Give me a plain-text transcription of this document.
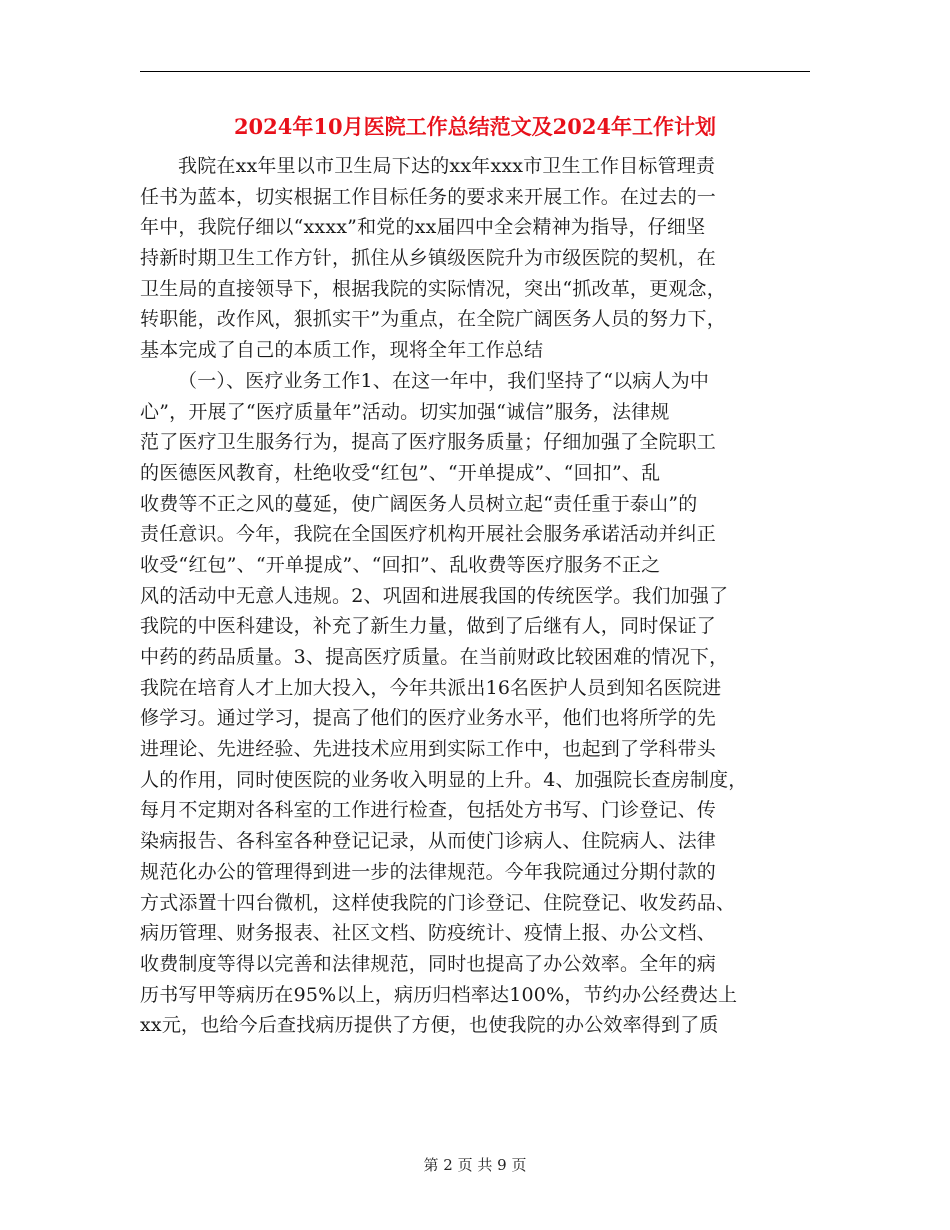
2024年10月医院工作总结范文及2024年工作计划
我院在xx年里以市卫生局下达的xx年xxx市卫生工作目标管理责
任书为蓝本，切实根据工作目标任务的要求来开展工作。在过去的一
年中，我院仔细以“xxxx”和党的xx届四中全会精神为指导，仔细坚
持新时期卫生工作方针，抓住从乡镇级医院升为市级医院的契机，在
卫生局的直接领导下，根据我院的实际情况，突出“抓改革，更观念，
转职能，改作风，狠抓实干”为重点，在全院广阔医务人员的努力下，
基本完成了自己的本质工作，现将全年工作总结
（一）、医疗业务工作1、在这一年中，我们坚持了“以病人为中
心”，开展了“医疗质量年”活动。切实加强“诚信”服务，法律规
范了医疗卫生服务行为，提高了医疗服务质量；仔细加强了全院职工
的医德医风教育，杜绝收受“红包”、“开单提成”、“回扣”、乱
收费等不正之风的蔓延，使广阔医务人员树立起“责任重于泰山”的
责任意识。今年，我院在全国医疗机构开展社会服务承诺活动并纠正
收受“红包”、“开单提成”、“回扣”、乱收费等医疗服务不正之
风的活动中无意人违规。2、巩固和进展我国的传统医学。我们加强了
我院的中医科建设，补充了新生力量，做到了后继有人，同时保证了
中药的药品质量。3、提高医疗质量。在当前财政比较困难的情况下，
我院在培育人才上加大投入，今年共派出16名医护人员到知名医院进
修学习。通过学习，提高了他们的医疗业务水平，他们也将所学的先
进理论、先进经验、先进技术应用到实际工作中，也起到了学科带头
人的作用，同时使医院的业务收入明显的上升。4、加强院长查房制度，
每月不定期对各科室的工作进行检查，包括处方书写、门诊登记、传
染病报告、各科室各种登记记录，从而使门诊病人、住院病人、法律
规范化办公的管理得到进一步的法律规范。今年我院通过分期付款的
方式添置十四台微机，这样使我院的门诊登记、住院登记、收发药品、
病历管理、财务报表、社区文档、防疫统计、疫情上报、办公文档、
收费制度等得以完善和法律规范，同时也提高了办公效率。全年的病
历书写甲等病历在95%以上，病历归档率达100%，节约办公经费达上
xx元，也给今后查找病历提供了方便，也使我院的办公效率得到了质
第 2 页 共 9 页
